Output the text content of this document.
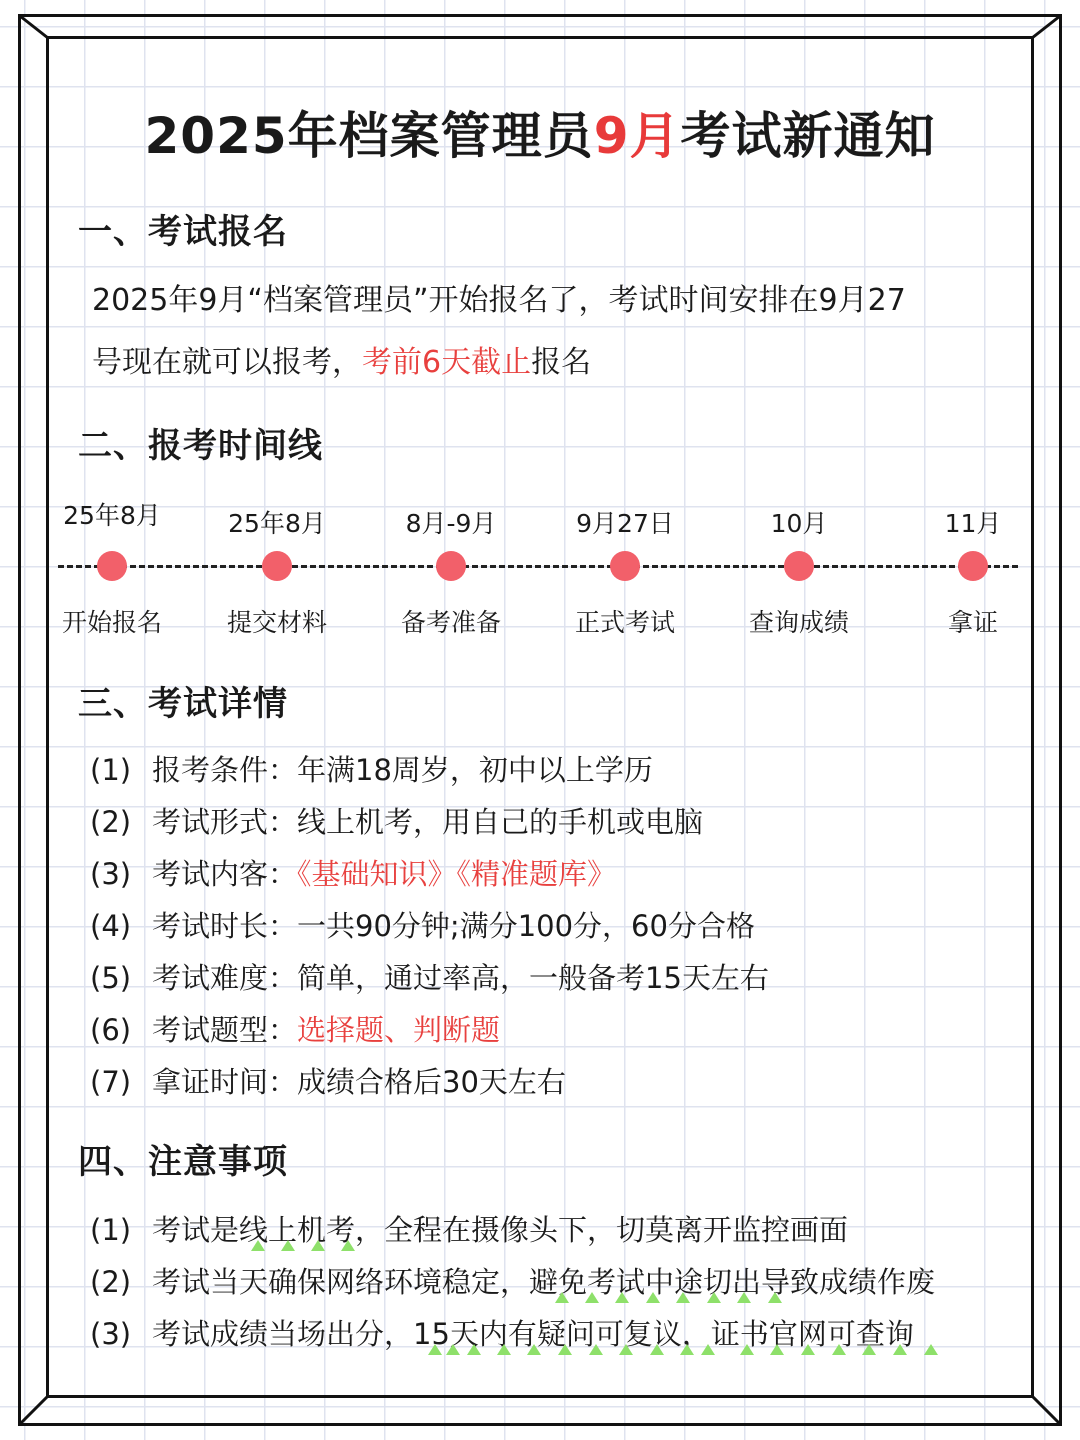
2025年档案管理员9月考试新通知
一、考试报名
2025年9月“档案管理员”开始报名了，考试时间安排在9月27
号现在就可以报考，考前6天截止报名
二、报考时间线
25年8月
开始报名
25年8月
提交材料
8月-9月
备考准备
9月27日
正式考试
10月
查询成绩
11月
拿证
三、考试详情
(1) 报考条件：年满18周岁，初中以上学历
(2) 考试形式：线上机考，用自己的手机或电脑
(3) 考试内客：《基础知识》《精准题库》
(4) 考试时长：一共90分钟;满分100分，60分合格
(5) 考试难度：简单，通过率高，一般备考15天左右
(6) 考试题型：选择题、判断题
(7) 拿证时间：成绩合格后30天左右
四、注意事项
(1) 考试是线上机考，全程在摄像头下，切莫离开监控画面
(2) 考试当天确保网络环境稳定，避免考试中途切出导致成绩作废
(3) 考试成绩当场出分，15天内有疑问可复议，证书官网可查询
